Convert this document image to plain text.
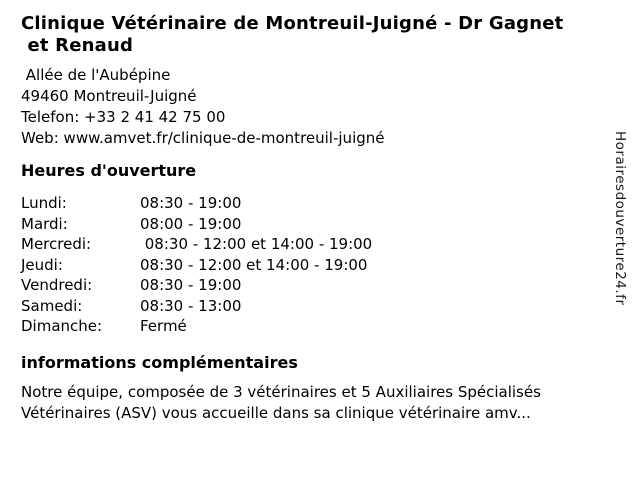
Clinique Vétérinaire de Montreuil-Juigné - Dr Gagnet
et Renaud
Allée de l'Aubépine
49460 Montreuil-Juigné
Telefon: +33 2 41 42 75 00
Web: www.amvet.fr/clinique-de-montreuil-juigné
Heures d'ouverture
Lundi:	08:30 - 19:00
Mardi:	08:00 - 19:00
Mercredi:	08:30 - 12:00 et 14:00 - 19:00
Jeudi:	08:30 - 12:00 et 14:00 - 19:00
Vendredi:	08:30 - 19:00
Samedi:	08:30 - 13:00
Dimanche:	Fermé
informations complémentaires
Notre équipe, composée de 3 vétérinaires et 5 Auxiliaires Spécialisés
Vétérinaires (ASV) vous accueille dans sa clinique vétérinaire amv...
Horairesdouverture24.fr
